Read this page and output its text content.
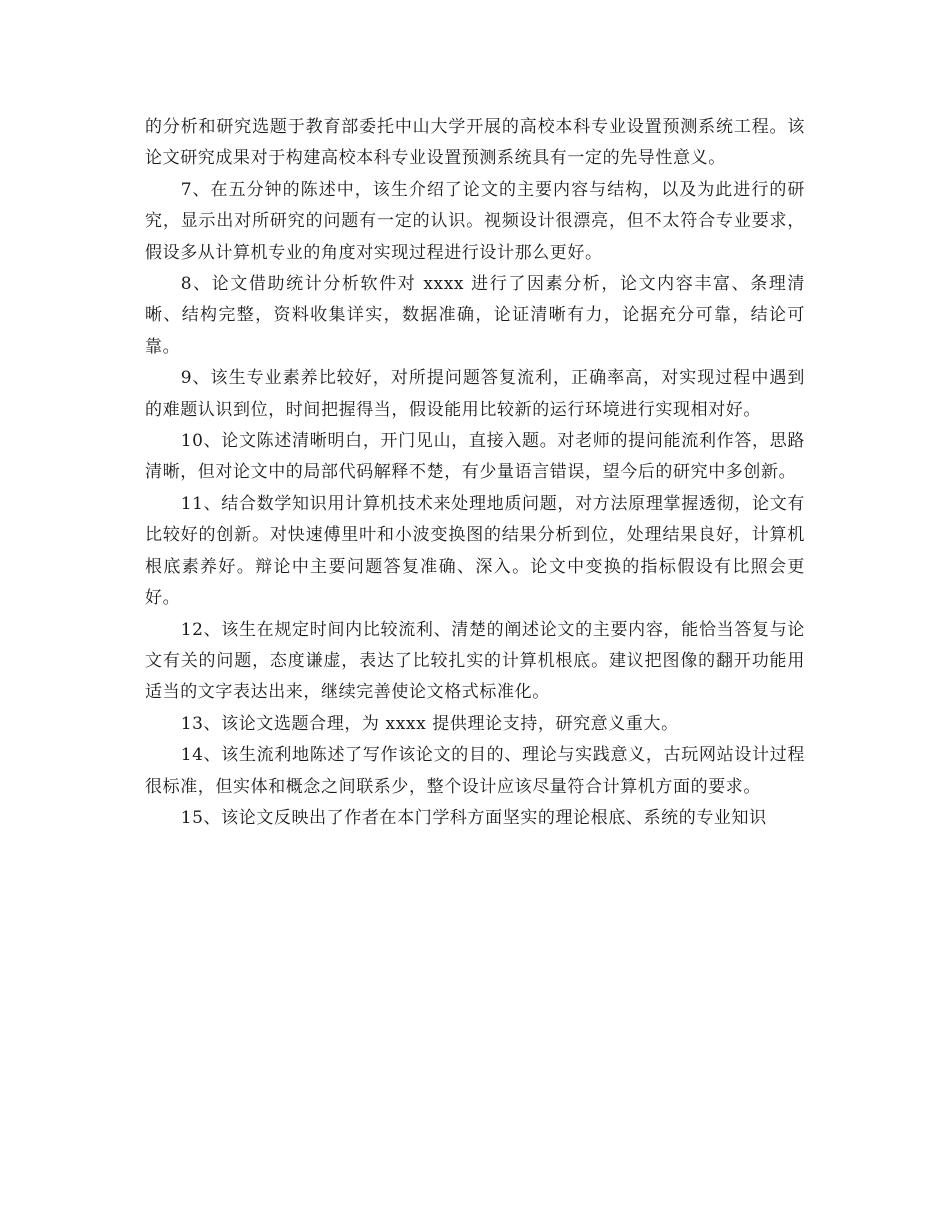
的分析和研究选题于教育部委托中山大学开展的高校本科专业设置预测系统工程。该论文研究成果对于构建高校本科专业设置预测系统具有一定的先导性意义。

7、在五分钟的陈述中，该生介绍了论文的主要内容与结构，以及为此进行的研究，显示出对所研究的问题有一定的认识。视频设计很漂亮，但不太符合专业要求，假设多从计算机专业的角度对实现过程进行设计那么更好。

8、论文借助统计分析软件对 xxxx 进行了因素分析，论文内容丰富、条理清晰、结构完整，资料收集详实，数据准确，论证清晰有力，论据充分可靠，结论可靠。

9、该生专业素养比较好，对所提问题答复流利，正确率高，对实现过程中遇到的难题认识到位，时间把握得当，假设能用比较新的运行环境进行实现相对好。

10、论文陈述清晰明白，开门见山，直接入题。对老师的提问能流利作答，思路清晰，但对论文中的局部代码解释不楚，有少量语言错误，望今后的研究中多创新。

11、结合数学知识用计算机技术来处理地质问题，对方法原理掌握透彻，论文有比较好的创新。对快速傅里叶和小波变换图的结果分析到位，处理结果良好，计算机根底素养好。辩论中主要问题答复准确、深入。论文中变换的指标假设有比照会更好。

12、该生在规定时间内比较流利、清楚的阐述论文的主要内容，能恰当答复与论文有关的问题，态度谦虚，表达了比较扎实的计算机根底。建议把图像的翻开功能用适当的文字表达出来，继续完善使论文格式标准化。

13、该论文选题合理，为 xxxx 提供理论支持，研究意义重大。

14、该生流利地陈述了写作该论文的目的、理论与实践意义，古玩网站设计过程很标准，但实体和概念之间联系少，整个设计应该尽量符合计算机方面的要求。

15、该论文反映出了作者在本门学科方面坚实的理论根底、系统的专业知识
